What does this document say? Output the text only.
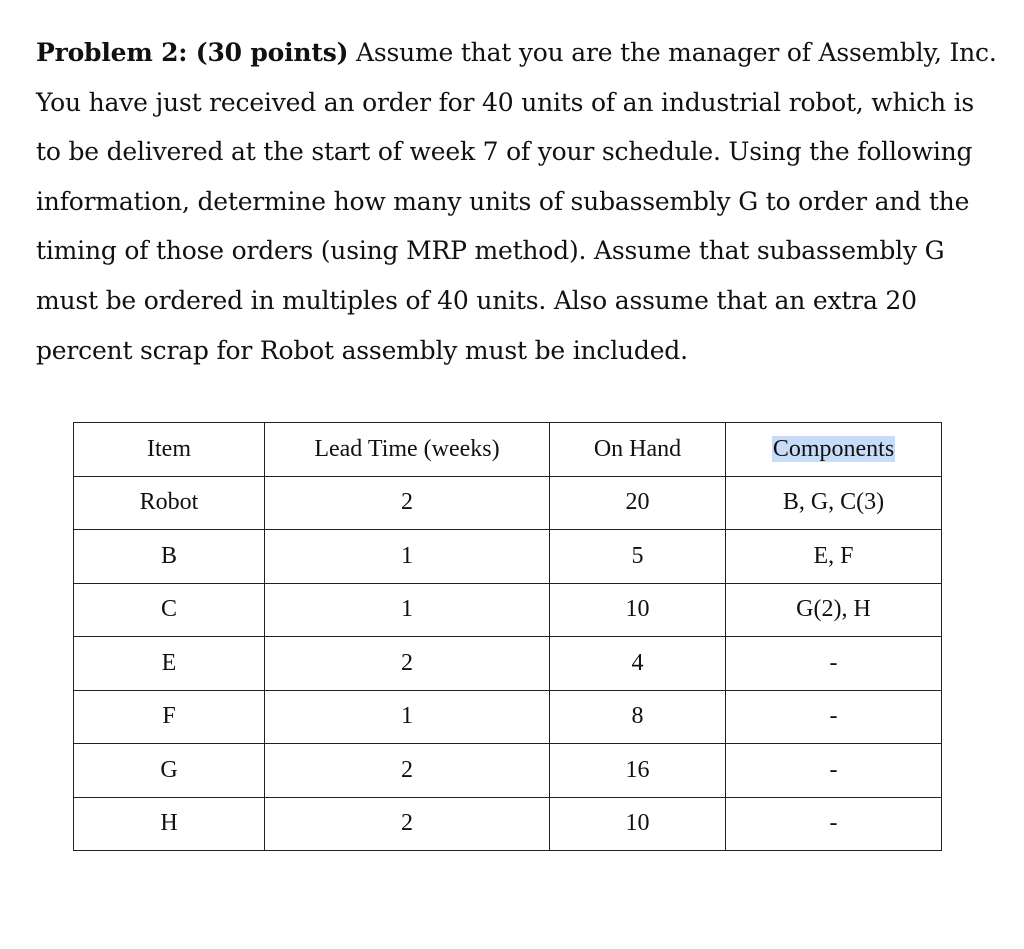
Problem 2: (30 points) Assume that you are the manager of Assembly, Inc.
You have just received an order for 40 units of an industrial robot, which is
to be delivered at the start of week 7 of your schedule. Using the following
information, determine how many units of subassembly G to order and the
timing of those orders (using MRP method). Assume that subassembly G
must be ordered in multiples of 40 units. Also assume that an extra 20
percent scrap for Robot assembly must be included.
Item	Lead Time (weeks)	On Hand	Components
Robot	2	20	B, G, C(3)
B	1	5	E, F
C	1	10	G(2), H
E	2	4	-
F	1	8	-
G	2	16	-
H	2	10	-
